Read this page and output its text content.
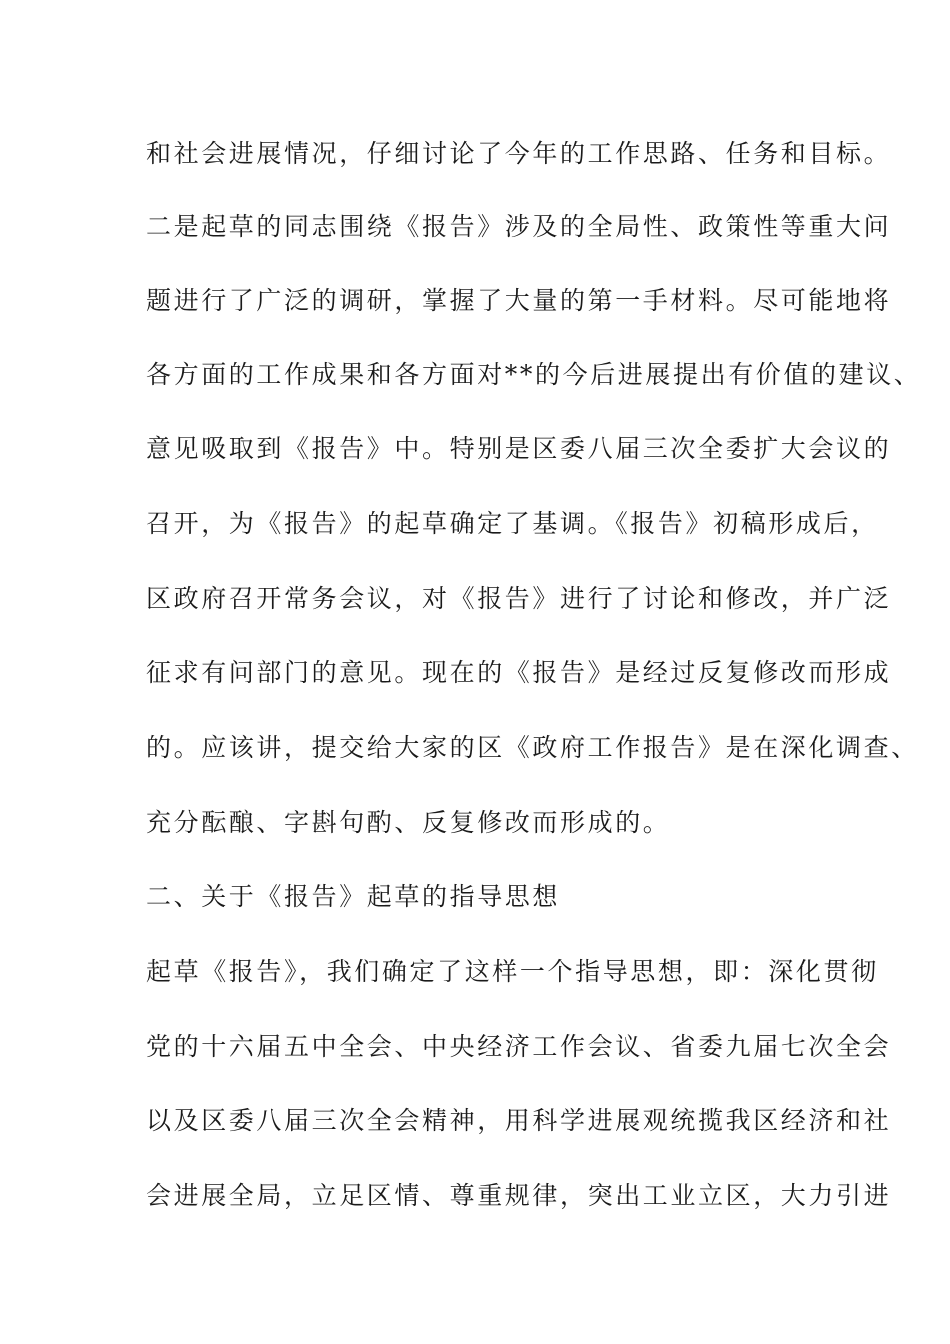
和社会进展情况，仔细讨论了今年的工作思路、任务和目标。
二是起草的同志围绕《报告》涉及的全局性、政策性等重大问
题进行了广泛的调研，掌握了大量的第一手材料。尽可能地将
各方面的工作成果和各方面对**的今后进展提出有价值的建议、
意见吸取到《报告》中。特别是区委八届三次全委扩大会议的
召开，为《报告》的起草确定了基调。《报告》初稿形成后，
区政府召开常务会议，对《报告》进行了讨论和修改，并广泛
征求有问部门的意见。现在的《报告》是经过反复修改而形成
的。应该讲，提交给大家的区《政府工作报告》是在深化调查、
充分酝酿、字斟句酌、反复修改而形成的。
二、关于《报告》起草的指导思想
起草《报告》，我们确定了这样一个指导思想，即：深化贯彻
党的十六届五中全会、中央经济工作会议、省委九届七次全会
以及区委八届三次全会精神，用科学进展观统揽我区经济和社
会进展全局，立足区情、尊重规律，突出工业立区，大力引进
